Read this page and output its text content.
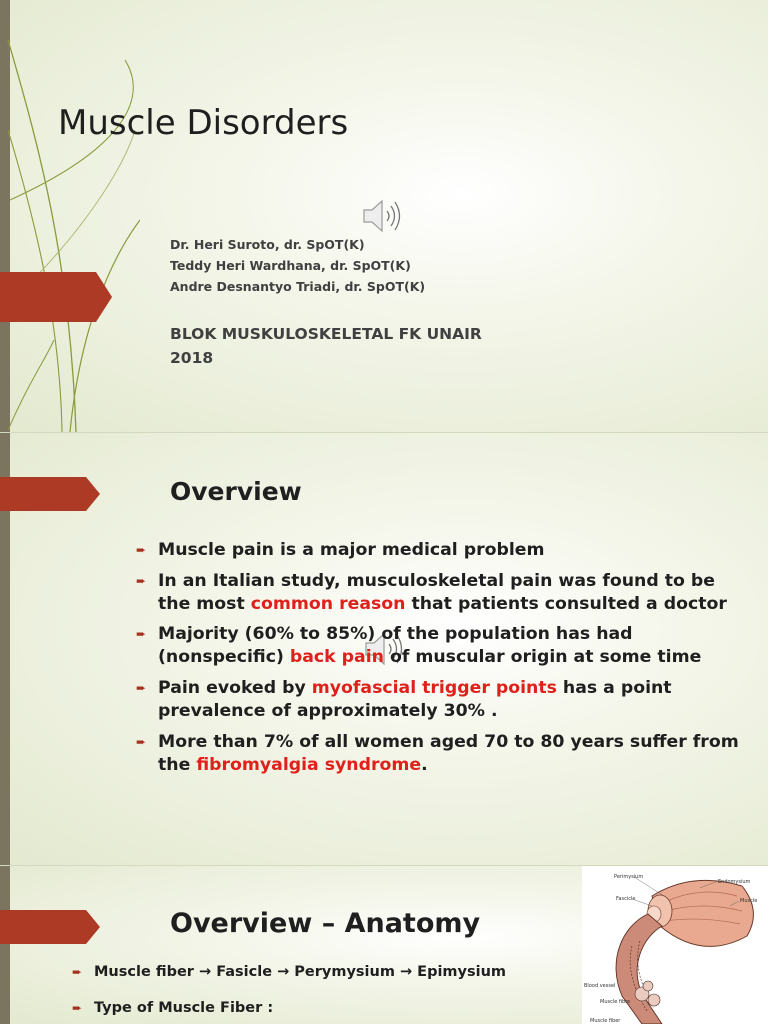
Muscle Disorders
Dr. Heri Suroto, dr. SpOT(K)
Teddy Heri Wardhana, dr. SpOT(K)
Andre Desnantyo Triadi, dr. SpOT(K)
BLOK MUSKULOSKELETAL FK UNAIR
2018
Overview
➨ Muscle pain is a major medical problem
➨ In an Italian study, musculoskeletal pain was found to be the most common reason that patients consulted a doctor
➨ Majority (60% to 85%) of the population has had (nonspecific) back pain of muscular origin at some time
➨ Pain evoked by myofascial trigger points has a point prevalence of approximately 30% .
➨ More than 7% of all women aged 70 to 80 years suffer from the fibromyalgia syndrome.
Overview – Anatomy
➨ Muscle fiber → Fasicle → Perymysium → Epimysium
➨ Type of Muscle Fiber :
Perimysium
Endomysium
Fascicle	Muscle
Blood vessel
Muscle fibre
Muscle fiber
